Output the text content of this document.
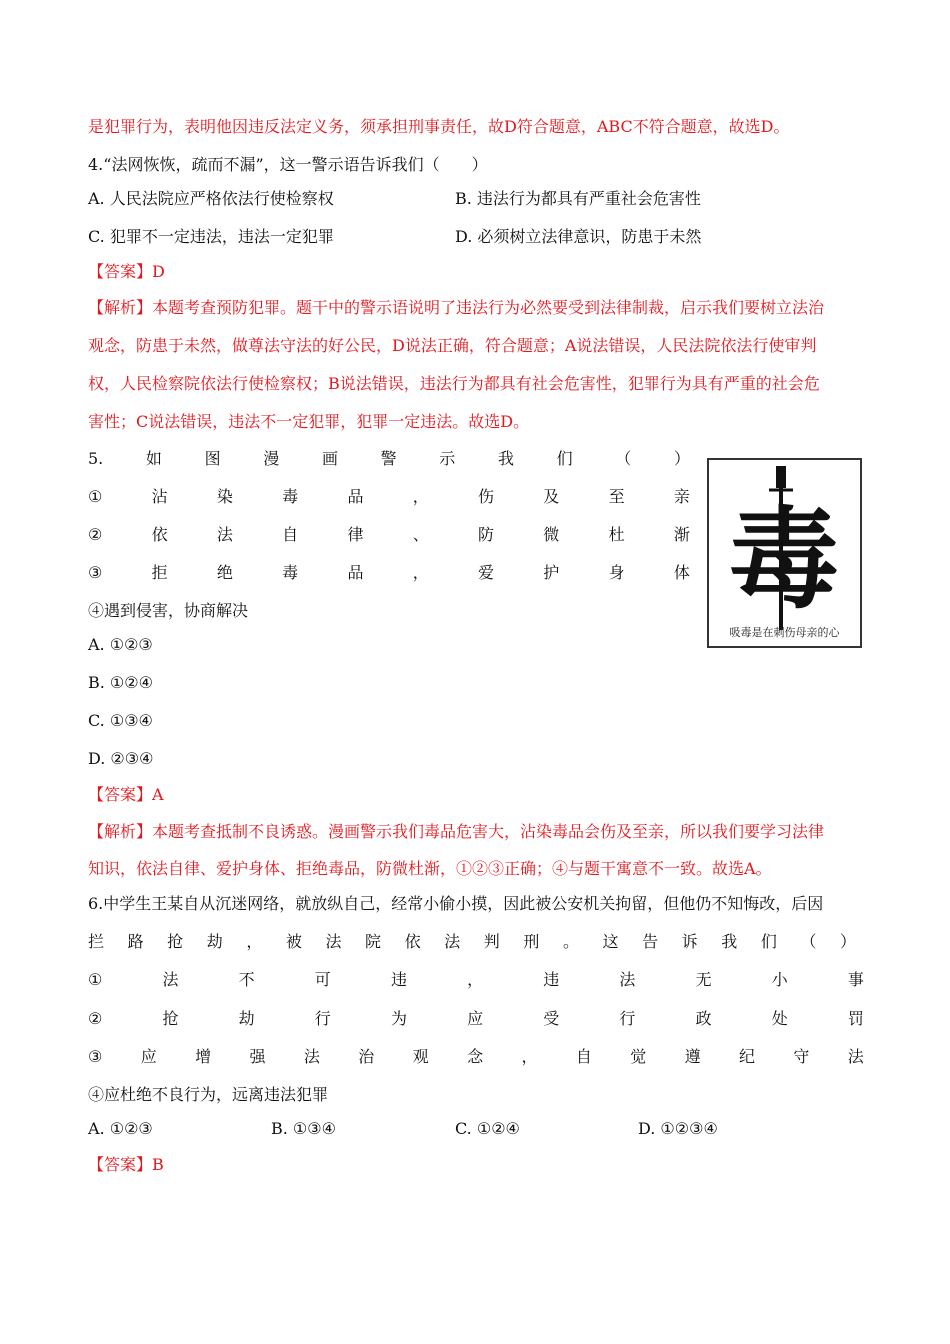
是犯罪行为，表明他因违反法定义务，须承担刑事责任，故D符合题意，ABC不符合题意，故选D。
4.“法网恢恢，疏而不漏”，这一警示语告诉我们（　　）
A. 人民法院应严格依法行使检察权	B. 违法行为都具有严重社会危害性
C. 犯罪不一定违法，违法一定犯罪	D. 必须树立法律意识，防患于未然
【答案】D
【解析】本题考查预防犯罪。题干中的警示语说明了违法行为必然要受到法律制裁，启示我们要树立法治
观念，防患于未然，做尊法守法的好公民，D说法正确，符合题意；A说法错误，人民法院依法行使审判
权，人民检察院依法行使检察权；B说法错误，违法行为都具有社会危害性，犯罪行为具有严重的社会危
害性；C说法错误，违法不一定犯罪，犯罪一定违法。故选D。
5.	如	图	漫	画	警	示	我	们	（	）
①	沾	染	毒	品	，	伤	及	至	亲
②	依	法	自	律	、	防	微	杜	渐
③	拒	绝	毒	品	，	爱	护	身	体
④遇到侵害，协商解决
A. ①②③
B. ①②④
C. ①③④
D. ②③④
【答案】A
【解析】本题考查抵制不良诱惑。漫画警示我们毒品危害大，沾染毒品会伤及至亲，所以我们要学习法律
知识，依法自律、爱护身体、拒绝毒品，防微杜渐，①②③正确；④与题干寓意不一致。故选A。
毒
吸毒是在刺伤母亲的心
6.中学生王某自从沉迷网络，就放纵自己，经常小偷小摸，因此被公安机关拘留，但他仍不知悔改，后因
拦 路 抢 劫 ， 被 法 院 依 法 判 刑 。 这 告 诉 我 们 （ ）
①	法	不	可	违	，	违	法	无	小	事
②	抢	劫	行	为	应	受	行	政	处	罚
③ 应 增 强 法 治 观 念 ， 自 觉 遵 纪 守 法
④应杜绝不良行为，远离违法犯罪
A. ①②③	B. ①③④	C. ①②④	D. ①②③④
【答案】B
